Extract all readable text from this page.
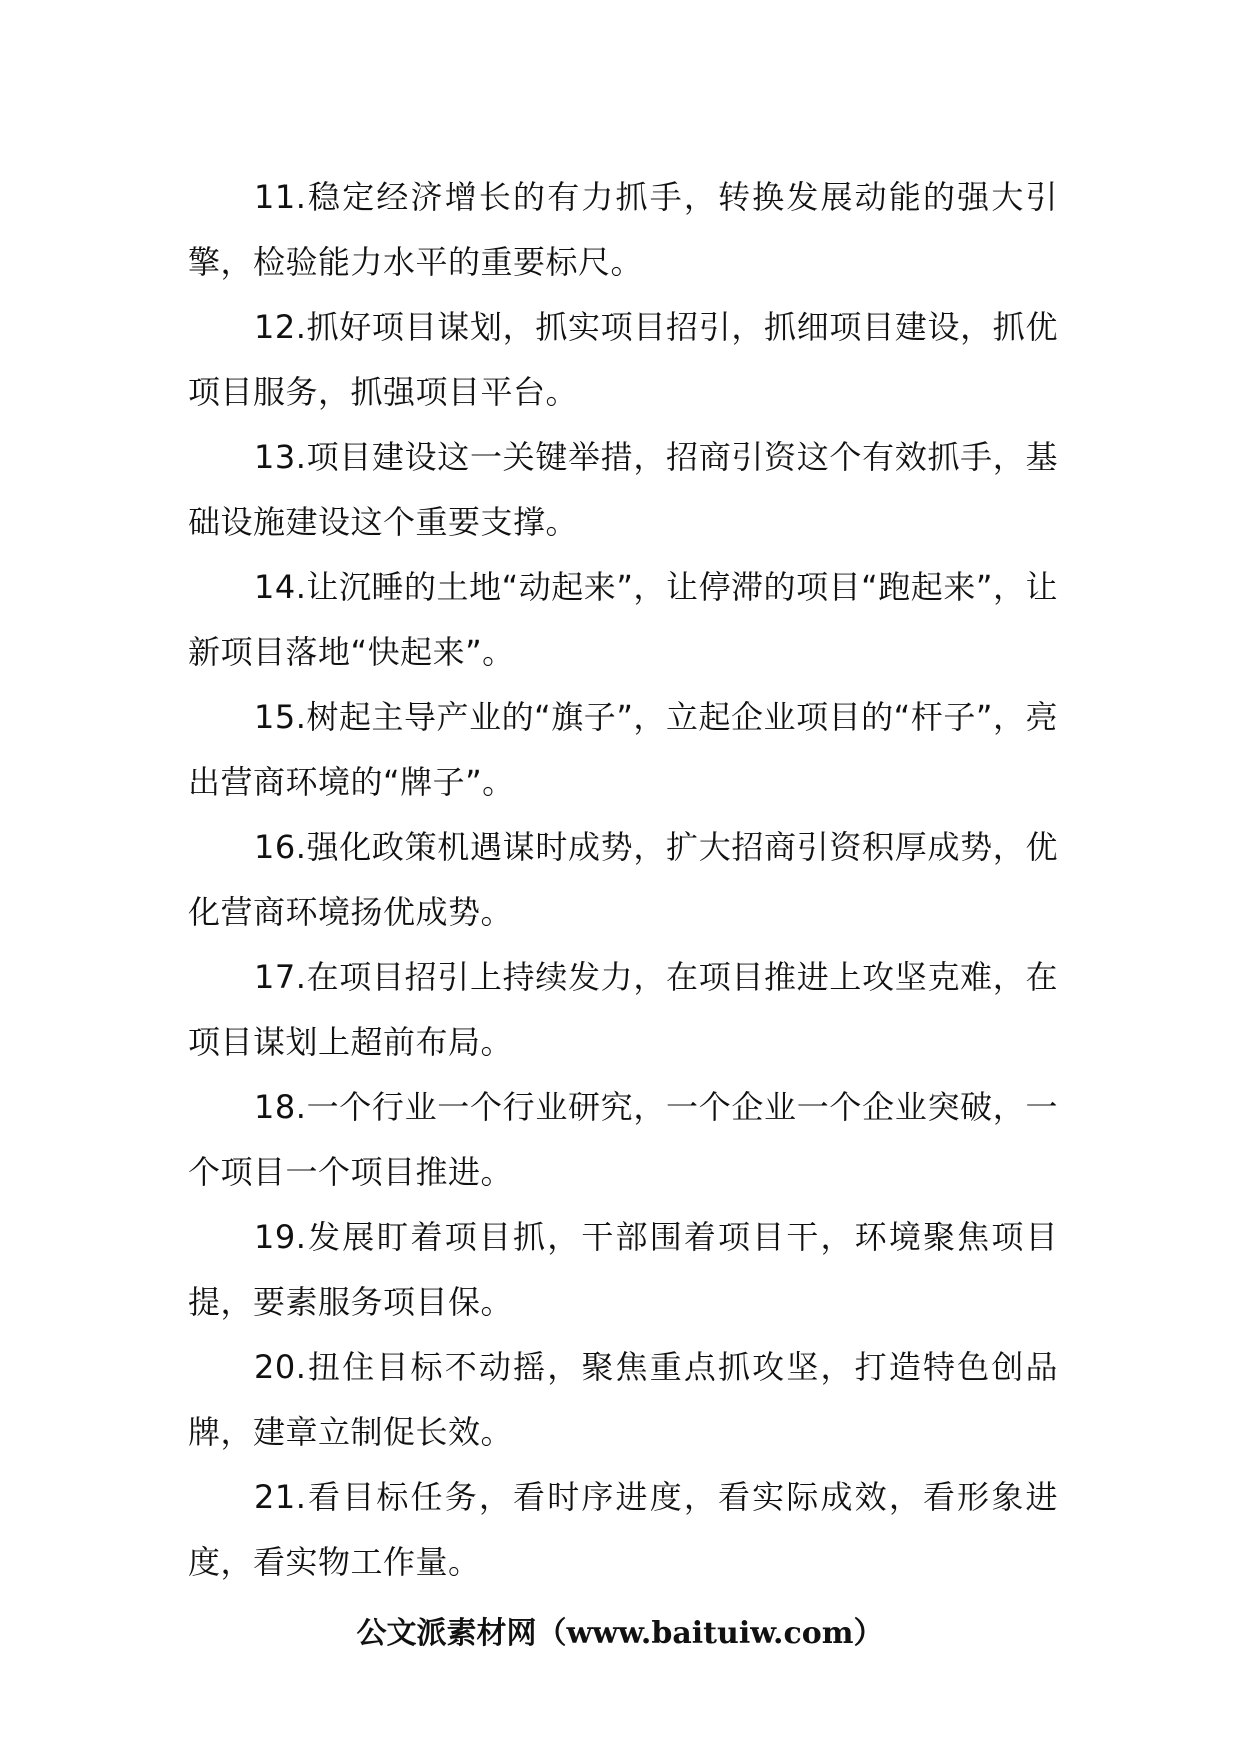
11.稳定经济增长的有力抓手，转换发展动能的强大引擎，检验能力水平的重要标尺。

12.抓好项目谋划，抓实项目招引，抓细项目建设，抓优项目服务，抓强项目平台。

13.项目建设这一关键举措，招商引资这个有效抓手，基础设施建设这个重要支撑。

14.让沉睡的土地“动起来”，让停滞的项目“跑起来”，让新项目落地“快起来”。

15.树起主导产业的“旗子”，立起企业项目的“杆子”，亮出营商环境的“牌子”。

16.强化政策机遇谋时成势，扩大招商引资积厚成势，优化营商环境扬优成势。

17.在项目招引上持续发力，在项目推进上攻坚克难，在项目谋划上超前布局。

18.一个行业一个行业研究，一个企业一个企业突破，一个项目一个项目推进。

19.发展盯着项目抓，干部围着项目干，环境聚焦项目提，要素服务项目保。

20.扭住目标不动摇，聚焦重点抓攻坚，打造特色创品牌，建章立制促长效。

21.看目标任务，看时序进度，看实际成效，看形象进度，看实物工作量。

公文派素材网（www.baituiw.com）
